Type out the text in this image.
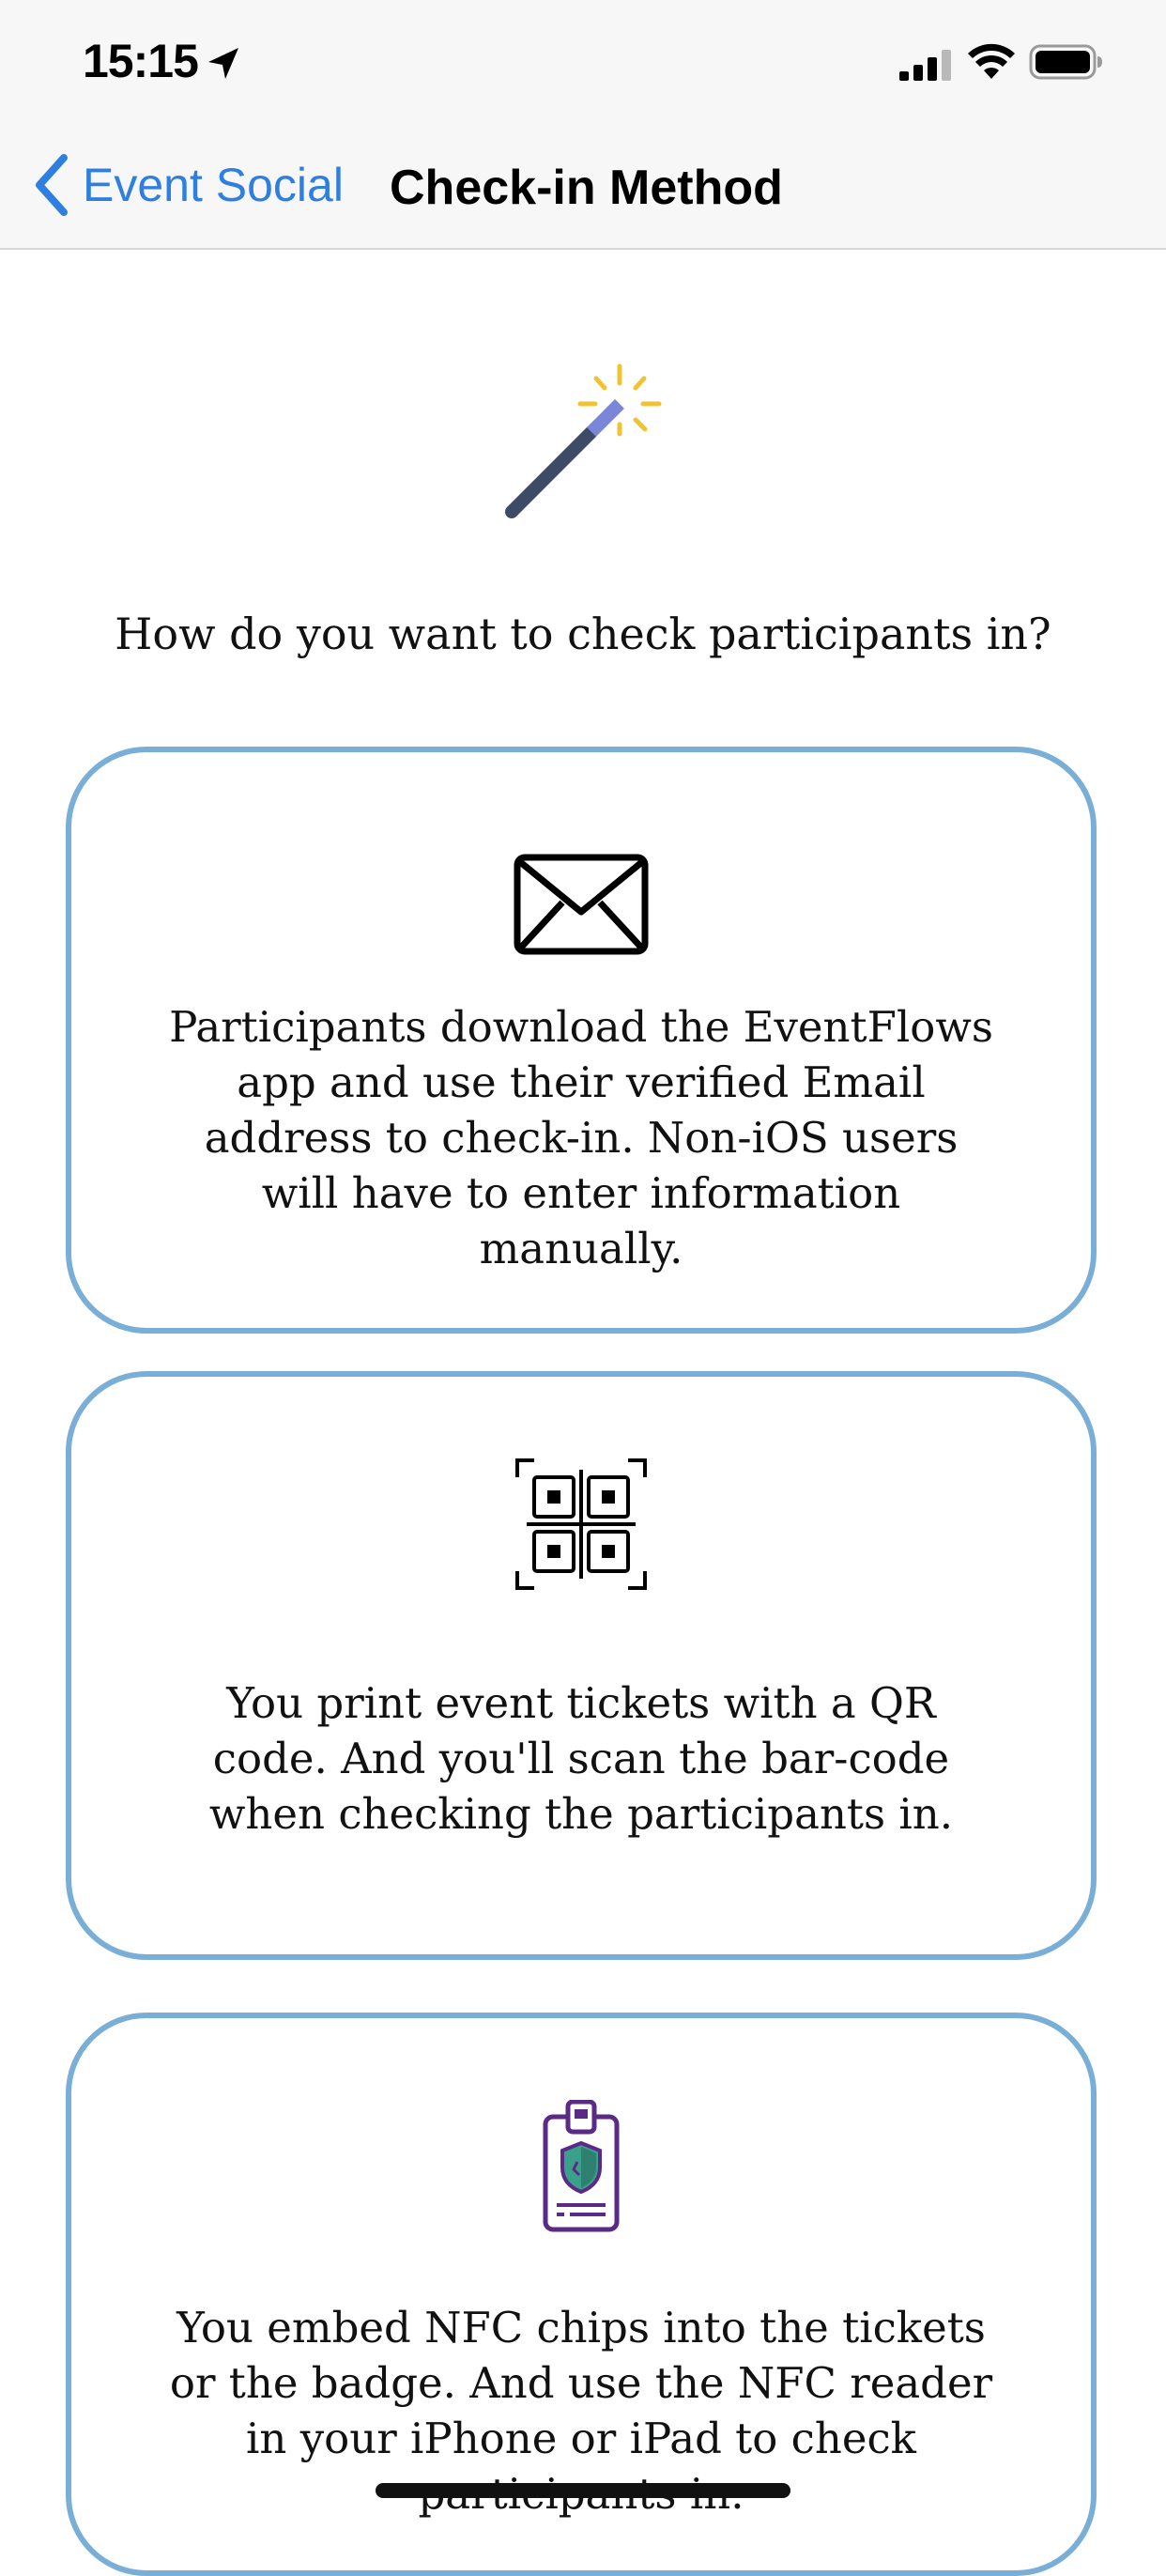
15:15
Event Social Check-in Method
How do you want to check participants in?
Participants download the EventFlows app and use their verified Email address to check-in. Non-iOS users will have to enter information manually.
You print event tickets with a QR code. And you'll scan the bar-code when checking the participants in.
You embed NFC chips into the tickets or the badge. And use the NFC reader in your iPhone or iPad to check
